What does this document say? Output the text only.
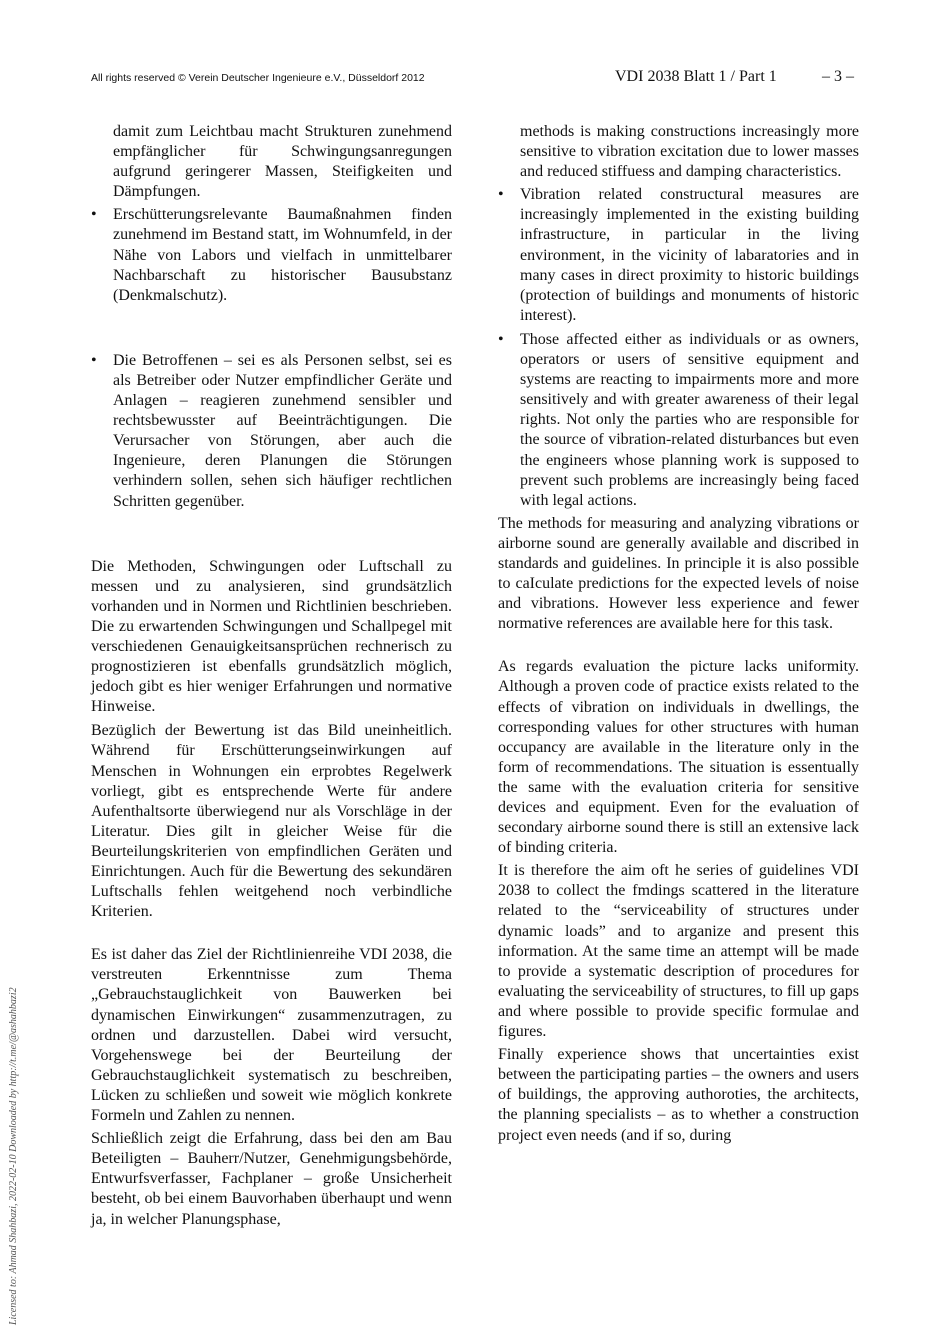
All rights reserved © Verein Deutscher Ingenieure e.V., Düsseldorf 2012	VDI 2038 Blatt 1 / Part 1	– 3 –

damit zum Leichtbau macht Strukturen zunehmend empfänglicher für Schwingungsanregungen aufgrund geringerer Massen, Steifigkeiten und Dämpfungen.

• Erschütterungsrelevante Baumaßnahmen finden zunehmend im Bestand statt, im Wohnumfeld, in der Nähe von Labors und vielfach in unmittelbarer Nachbarschaft zu historischer Bausubstanz (Denkmalschutz).

• Die Betroffenen – sei es als Personen selbst, sei es als Betreiber oder Nutzer empfindlicher Geräte und Anlagen – reagieren zunehmend sensibler und rechtsbewusster auf Beeinträchtigungen. Die Verursacher von Störungen, aber auch die Ingenieure, deren Planungen die Störungen verhindern sollen, sehen sich häufiger rechtlichen Schritten gegenüber.

Die Methoden, Schwingungen oder Luftschall zu messen und zu analysieren, sind grundsätzlich vorhanden und in Normen und Richtlinien beschrieben. Die zu erwartenden Schwingungen und Schallpegel mit verschiedenen Genauigkeitsansprüchen rechnerisch zu prognostizieren ist ebenfalls grundsätzlich möglich, jedoch gibt es hier weniger Erfahrungen und normative Hinweise.

Bezüglich der Bewertung ist das Bild uneinheitlich. Während für Erschütterungseinwirkungen auf Menschen in Wohnungen ein erprobtes Regelwerk vorliegt, gibt es entsprechende Werte für andere Aufenthaltsorte überwiegend nur als Vorschläge in der Literatur. Dies gilt in gleicher Weise für die Beurteilungskriterien von empfindlichen Geräten und Einrichtungen. Auch für die Bewertung des sekundären Luftschalls fehlen weitgehend noch verbindliche Kriterien.

Es ist daher das Ziel der Richtlinienreihe VDI 2038, die verstreuten Erkenntnisse zum Thema „Gebrauchstauglichkeit von Bauwerken bei dynamischen Einwirkungen“ zusammenzutragen, zu ordnen und darzustellen. Dabei wird versucht, Vorgehenswege bei der Beurteilung der Gebrauchstauglichkeit systematisch zu beschreiben, Lücken zu schließen und soweit wie möglich konkrete Formeln und Zahlen zu nennen.

Schließlich zeigt die Erfahrung, dass bei den am Bau Beteiligten – Bauherr/Nutzer, Genehmigungsbehörde, Entwurfsverfasser, Fachplaner – große Unsicherheit besteht, ob bei einem Bauvorhaben überhaupt und wenn ja, in welcher Planungsphase,

methods is making constructions increasingly more sensitive to vibration excitation due to lower masses and reduced stiffuess and damping characteristics.

• Vibration related constructural measures are increasingly implemented in the existing building infrastructure, in particular in the living environment, in the vicinity of labaratories and in many cases in direct proximity to historic buildings (protection of buildings and monuments of historic interest).

• Those affected either as individuals or as owners, operators or users of sensitive equipment and systems are reacting to impairments more and more sensitively and with greater awareness of their legal rights. Not only the parties who are responsible for the source of vibration-related disturbances but even the engineers whose planning work is supposed to prevent such problems are increasingly being faced with legal actions.

The methods for measuring and analyzing vibrations or airborne sound are generally available and discribed in standards and guidelines. In principle it is also possible to caIculate predictions for the expected levels of noise and vibrations. However less experience and fewer normative references are available here for this task.

As regards evaluation the picture lacks uniformity. Although a proven code of practice exists related to the effects of vibration on individuals in dwellings, the corresponding values for other structures with human occupancy are available in the literature only in the form of recommendations. The situation is essentually the same with the evaluation criteria for sensitive devices and equipment. Even for the evaluation of secondary airborne sound there is still an extensive lack of binding criteria.

It is therefore the aim oft he series of guidelines VDI 2038 to collect the fmdings scattered in the literature related to the “serviceability of structures under dynamic loads” and to arganize and present this information. At the same time an attempt will be made to provide a systematic description of procedures for evaluating the serviceability of structures, to fill up gaps and where possible to provide specific formulae and figures.

Finally experience shows that uncertainties exist between the participating parties – the owners and users of buildings, the approving authoroties, the architects, the planning specialists – as to whether a construction project even needs (and if so, during

Licensed to: Ahmad Shahbazi, 2022-02-10 Downloaded by http://t.me/@ashahbazi2
